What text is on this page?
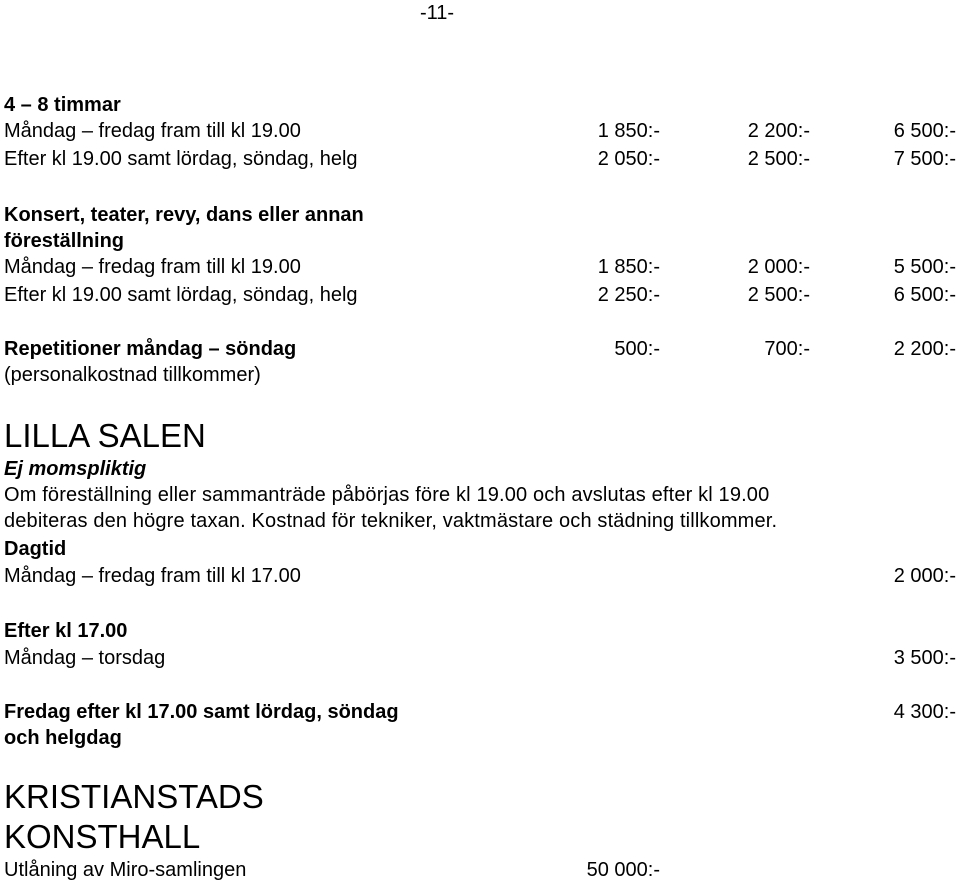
-11-
4 – 8 timmar
Måndag – fredag fram till kl 19.00	1 850:-	2 200:-	6 500:-
Efter kl 19.00 samt lördag, söndag, helg	2 050:-	2 500:-	7 500:-
Konsert, teater, revy, dans eller annan
föreställning
Måndag – fredag fram till kl 19.00	1 850:-	2 000:-	5 500:-
Efter kl 19.00 samt lördag, söndag, helg	2 250:-	2 500:-	6 500:-
Repetitioner måndag – söndag	500:-	700:-	2 200:-
(personalkostnad tillkommer)
LILLA SALEN
Ej momspliktig
Om föreställning eller sammanträde påbörjas före kl 19.00 och avslutas efter kl 19.00
debiteras den högre taxan. Kostnad för tekniker, vaktmästare och städning tillkommer.
Dagtid
Måndag – fredag fram till kl 17.00	2 000:-
Efter kl 17.00
Måndag – torsdag	3 500:-
Fredag efter kl 17.00 samt lördag, söndag	4 300:-
och helgdag
KRISTIANSTADS
KONSTHALL
Utlåning av Miro-samlingen	50 000:-
